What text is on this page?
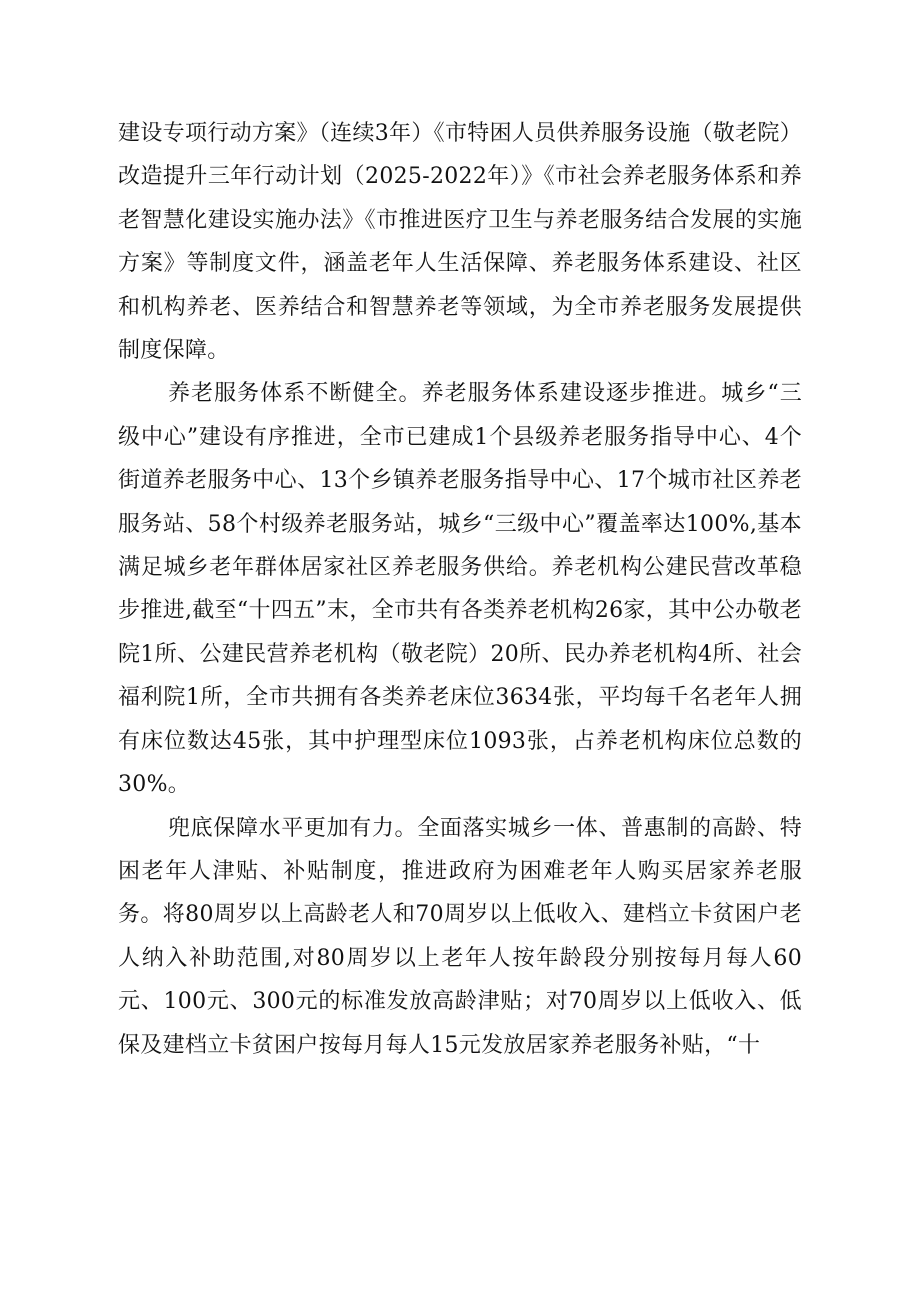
建设专项行动方案》（连续3年）《市特困人员供养服务设施（敬老院）改造提升三年行动计划（2025-2022年）》《市社会养老服务体系和养老智慧化建设实施办法》《市推进医疗卫生与养老服务结合发展的实施方案》等制度文件，涵盖老年人生活保障、养老服务体系建设、社区和机构养老、医养结合和智慧养老等领域，为全市养老服务发展提供制度保障。

养老服务体系不断健全。养老服务体系建设逐步推进。城乡“三级中心”建设有序推进，全市已建成1个县级养老服务指导中心、4个街道养老服务中心、13个乡镇养老服务指导中心、17个城市社区养老服务站、58个村级养老服务站，城乡“三级中心”覆盖率达100%,基本满足城乡老年群体居家社区养老服务供给。养老机构公建民营改革稳步推进,截至“十四五”末，全市共有各类养老机构26家，其中公办敬老院1所、公建民营养老机构（敬老院）20所、民办养老机构4所、社会福利院1所，全市共拥有各类养老床位3634张，平均每千名老年人拥有床位数达45张，其中护理型床位1093张，占养老机构床位总数的30%。

兜底保障水平更加有力。全面落实城乡一体、普惠制的高龄、特困老年人津贴、补贴制度，推进政府为困难老年人购买居家养老服务。将80周岁以上高龄老人和70周岁以上低收入、建档立卡贫困户老人纳入补助范围,对80周岁以上老年人按年龄段分别按每月每人60元、100元、300元的标准发放高龄津贴；对70周岁以上低收入、低保及建档立卡贫困户按每月每人15元发放居家养老服务补贴，“十
